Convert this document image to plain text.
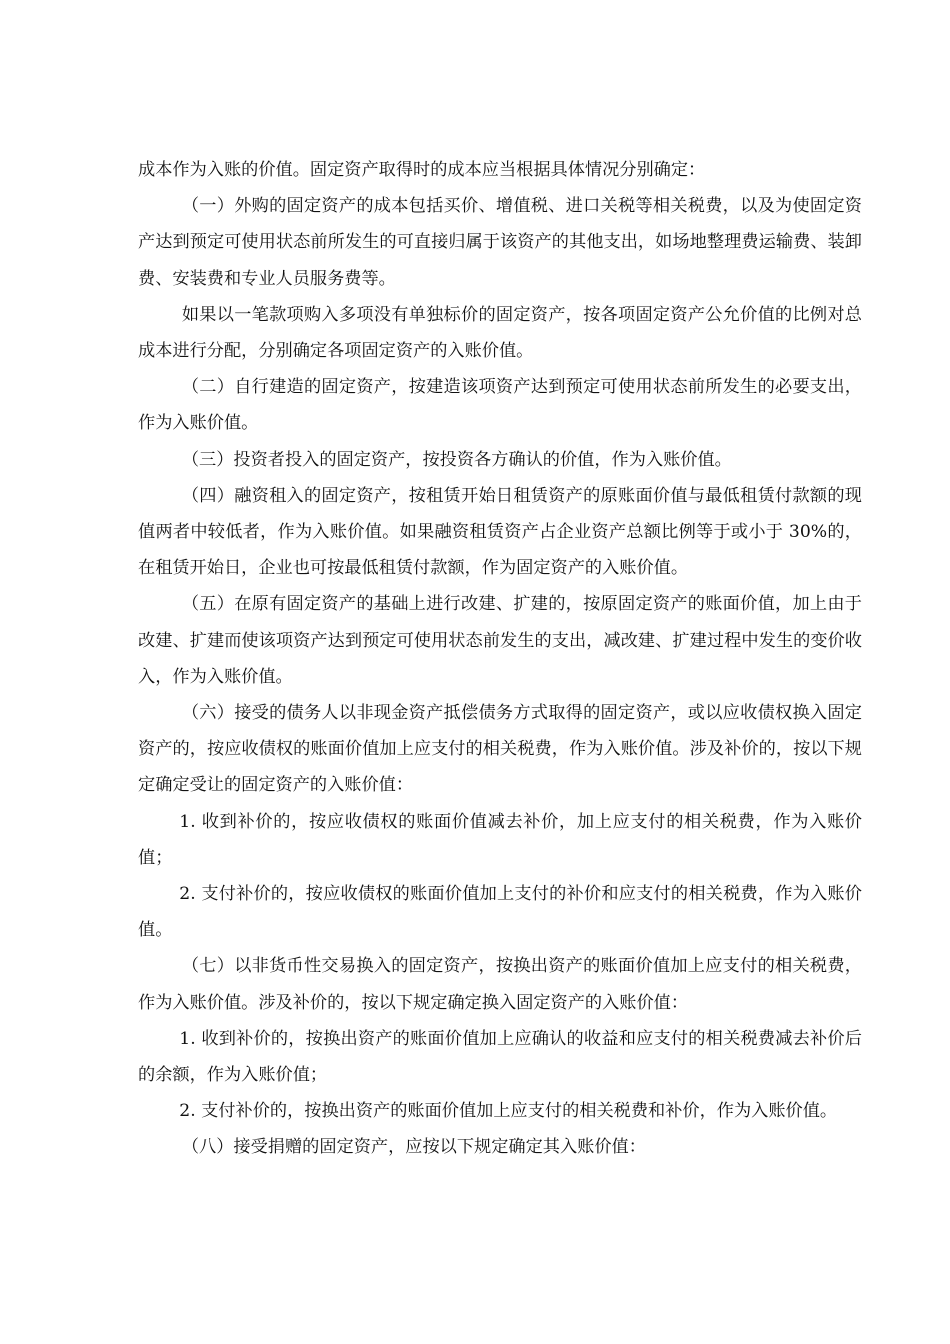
成本作为入账的价值。固定资产取得时的成本应当根据具体情况分别确定：

（一）外购的固定资产的成本包括买价、增值税、进口关税等相关税费，以及为使固定资产达到预定可使用状态前所发生的可直接归属于该资产的其他支出，如场地整理费运输费、装卸费、安装费和专业人员服务费等。

如果以一笔款项购入多项没有单独标价的固定资产，按各项固定资产公允价值的比例对总成本进行分配，分别确定各项固定资产的入账价值。

（二）自行建造的固定资产，按建造该项资产达到预定可使用状态前所发生的必要支出，作为入账价值。

（三）投资者投入的固定资产，按投资各方确认的价值，作为入账价值。

（四）融资租入的固定资产，按租赁开始日租赁资产的原账面价值与最低租赁付款额的现值两者中较低者，作为入账价值。如果融资租赁资产占企业资产总额比例等于或小于 30%的，在租赁开始日，企业也可按最低租赁付款额，作为固定资产的入账价值。

（五）在原有固定资产的基础上进行改建、扩建的，按原固定资产的账面价值，加上由于改建、扩建而使该项资产达到预定可使用状态前发生的支出，减改建、扩建过程中发生的变价收入，作为入账价值。

（六）接受的债务人以非现金资产抵偿债务方式取得的固定资产，或以应收债权换入固定资产的，按应收债权的账面价值加上应支付的相关税费，作为入账价值。涉及补价的，按以下规定确定受让的固定资产的入账价值：

1. 收到补价的，按应收债权的账面价值减去补价，加上应支付的相关税费，作为入账价值；

2. 支付补价的，按应收债权的账面价值加上支付的补价和应支付的相关税费，作为入账价值。

（七）以非货币性交易换入的固定资产，按换出资产的账面价值加上应支付的相关税费，作为入账价值。涉及补价的，按以下规定确定换入固定资产的入账价值：

1. 收到补价的，按换出资产的账面价值加上应确认的收益和应支付的相关税费减去补价后的余额，作为入账价值；

2. 支付补价的，按换出资产的账面价值加上应支付的相关税费和补价，作为入账价值。

（八）接受捐赠的固定资产，应按以下规定确定其入账价值：
